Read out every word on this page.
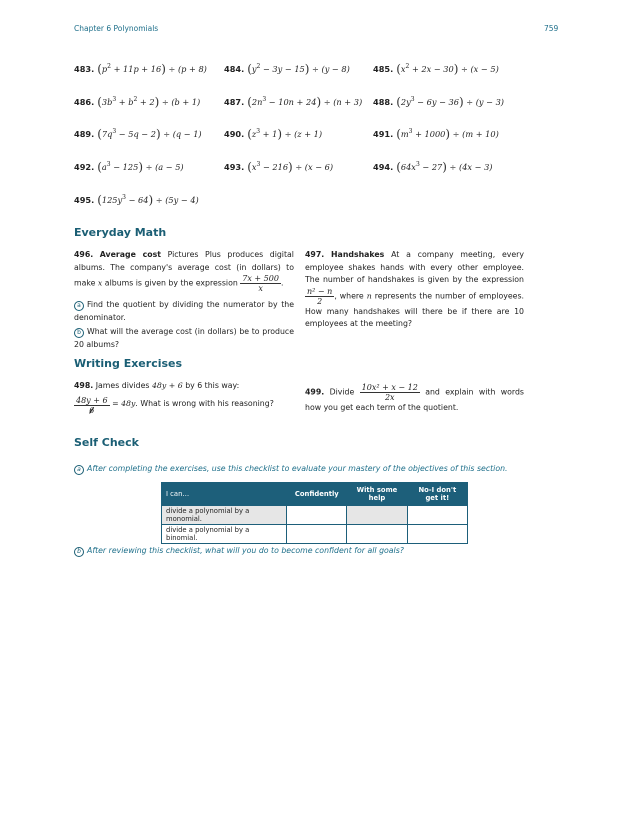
Chapter 6 Polynomials	759
483. $(p^2 + 11p + 16) \div (p + 8)$ 484. $(y^2 - 3y - 15) \div (y - 8)$	485. $(x^2 + 2x - 30) \div (x - 5)$
486. $(3b^3 + b^2 + 2) \div (b + 1)$	487. $(2n^3 - 10n + 24) \div (n + 3)$ 488. $(2y^3 - 6y - 36) \div (y - 3)$
489. $(7q^3 - 5q - 2) \div (q - 1)$	490. $(z^3 + 1) \div (z + 1)$	491. $(m^3 + 1000) \div (m + 10)$
492. $(a^3 - 125) \div (a - 5)$	493. $(x^3 - 216) \div (x - 6)$	494. $(64x^3 - 27) \div (4x - 3)$
495. $(125y^3 - 64) \div (5y - 4)$
Everyday Math
496. Average cost Pictures Plus produces digital albums. The company's average cost (in dollars) to make x albums is given by the expression $\frac{7x + 500}{x}$ .
a Find the quotient by dividing the numerator by the denominator.
b What will the average cost (in dollars) be to produce 20 albums?
497. Handshakes At a company meeting, every employee shakes hands with every other employee. The number of handshakes is given by the expression
$\frac{\text{n² − n}}{2}$ , where n represents the number of employees. How many handshakes will there be if there are 10 employees at the meeting?
Writing Exercises
498. James divides 48y + 6 by 6 this way:

$\frac{48y + 6}{6} = 48y$. What is wrong with his reasoning?
499. Divide $\frac{\text{10x² + x − 12}}{2x}$ and explain with words how you get each term of the quotient.
Self Check
a After completing the exercises, use this checklist to evaluate your mastery of the objectives of this section.
I can…	Confidently	With some help	No-I don't get it!
divide a polynomial by a monomial.			
divide a polynomial by a binomial.			
b After reviewing this checklist, what will you do to become confident for all goals?
